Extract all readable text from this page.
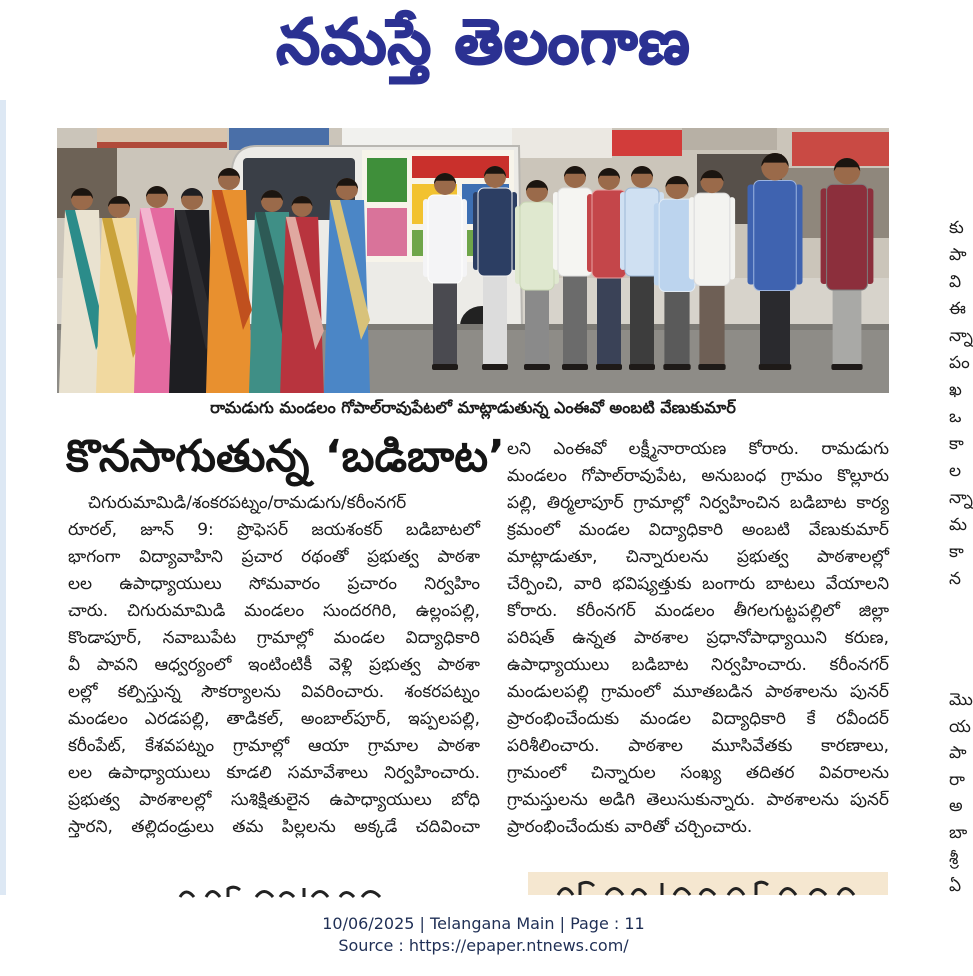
నమస్తే తెలంగాణ
రామడుగు మండలం గోపాల్‌రావుపేటలో మాట్లాడుతున్న ఎంఈవో అంబటి వేణుకుమార్
కొనసాగుతున్న ‘బడిబాట’
చిగురుమామిడి/శంకరపట్నం/రామడుగు/కరీంనగర్
రూరల్, జూన్ 9: ప్రొఫెసర్ జయశంకర్ బడిబాటలో
భాగంగా విద్యావాహిని ప్రచార రథంతో ప్రభుత్వ పాఠశా
లల ఉపాధ్యాయులు సోమవారం ప్రచారం నిర్వహిం
చారు. చిగురుమామిడి మండలం సుందరగిరి, ఉల్లంపల్లి,
కొండాపూర్, నవాబుపేట గ్రామాల్లో మండల విద్యాధికారి
వీ పావని ఆధ్వర్యంలో ఇంటింటికీ వెళ్లి ప్రభుత్వ పాఠశా
లల్లో కల్పిస్తున్న సౌకర్యాలను వివరించారు. శంకరపట్నం
మండలం ఎరడపల్లి, తాడికల్, అంబాల్‌పూర్, ఇప్పలపల్లి,
కరీంపేట్, కేశవపట్నం గ్రామాల్లో ఆయా గ్రామాల పాఠశా
లల ఉపాధ్యాయులు కూడలి సమావేశాలు నిర్వహించారు.
ప్రభుత్వ పాఠశాలల్లో సుశిక్షితులైన ఉపాధ్యాయులు బోధి
స్తారని, తల్లిదండ్రులు తమ పిల్లలను అక్కడే చదివించా
లని ఎంఈవో లక్ష్మీనారాయణ కోరారు. రామడుగు
మండలం గోపాల్‌రావుపేట, అనుబంధ గ్రామం కొల్లూరు
పల్లి, తిర్మలాపూర్ గ్రామాల్లో నిర్వహించిన బడిబాట కార్య
క్రమంలో మండల విద్యాధికారి అంబటి వేణుకుమార్
మాట్లాడుతూ, చిన్నారులను ప్రభుత్వ పాఠశాలల్లో
చేర్పించి, వారి భవిష్యత్తుకు బంగారు బాటలు వేయాలని
కోరారు. కరీంనగర్ మండలం తీగలగుట్టపల్లిలో జిల్లా
పరిషత్ ఉన్నత పాఠశాల ప్రధానోపాధ్యాయిని కరుణ,
ఉపాధ్యాయులు బడిబాట నిర్వహించారు. కరీంనగర్
మండులపల్లి గ్రామంలో మూతబడిన పాఠశాలను పునర్
ప్రారంభించేందుకు మండల విద్యాధికారి కే రవీందర్
పరిశీలించారు. పాఠశాల మూసివేతకు కారణాలు,
గ్రామంలో చిన్నారుల సంఖ్య తదితర వివరాలను
గ్రామస్తులను అడిగి తెలుసుకున్నారు. పాఠశాలను పునర్
ప్రారంభించేందుకు వారితో చర్చించారు.
కు
పా
వి
ఈ
న్నా
పం
ఖ
ఒ
కా
ల
న్నా
మ
కా
న
మొ
య
పా
రా
అ
బా
శ్రీ
ఏ
10/06/2025 | Telangana Main | Page : 11
Source : https://epaper.ntnews.com/
